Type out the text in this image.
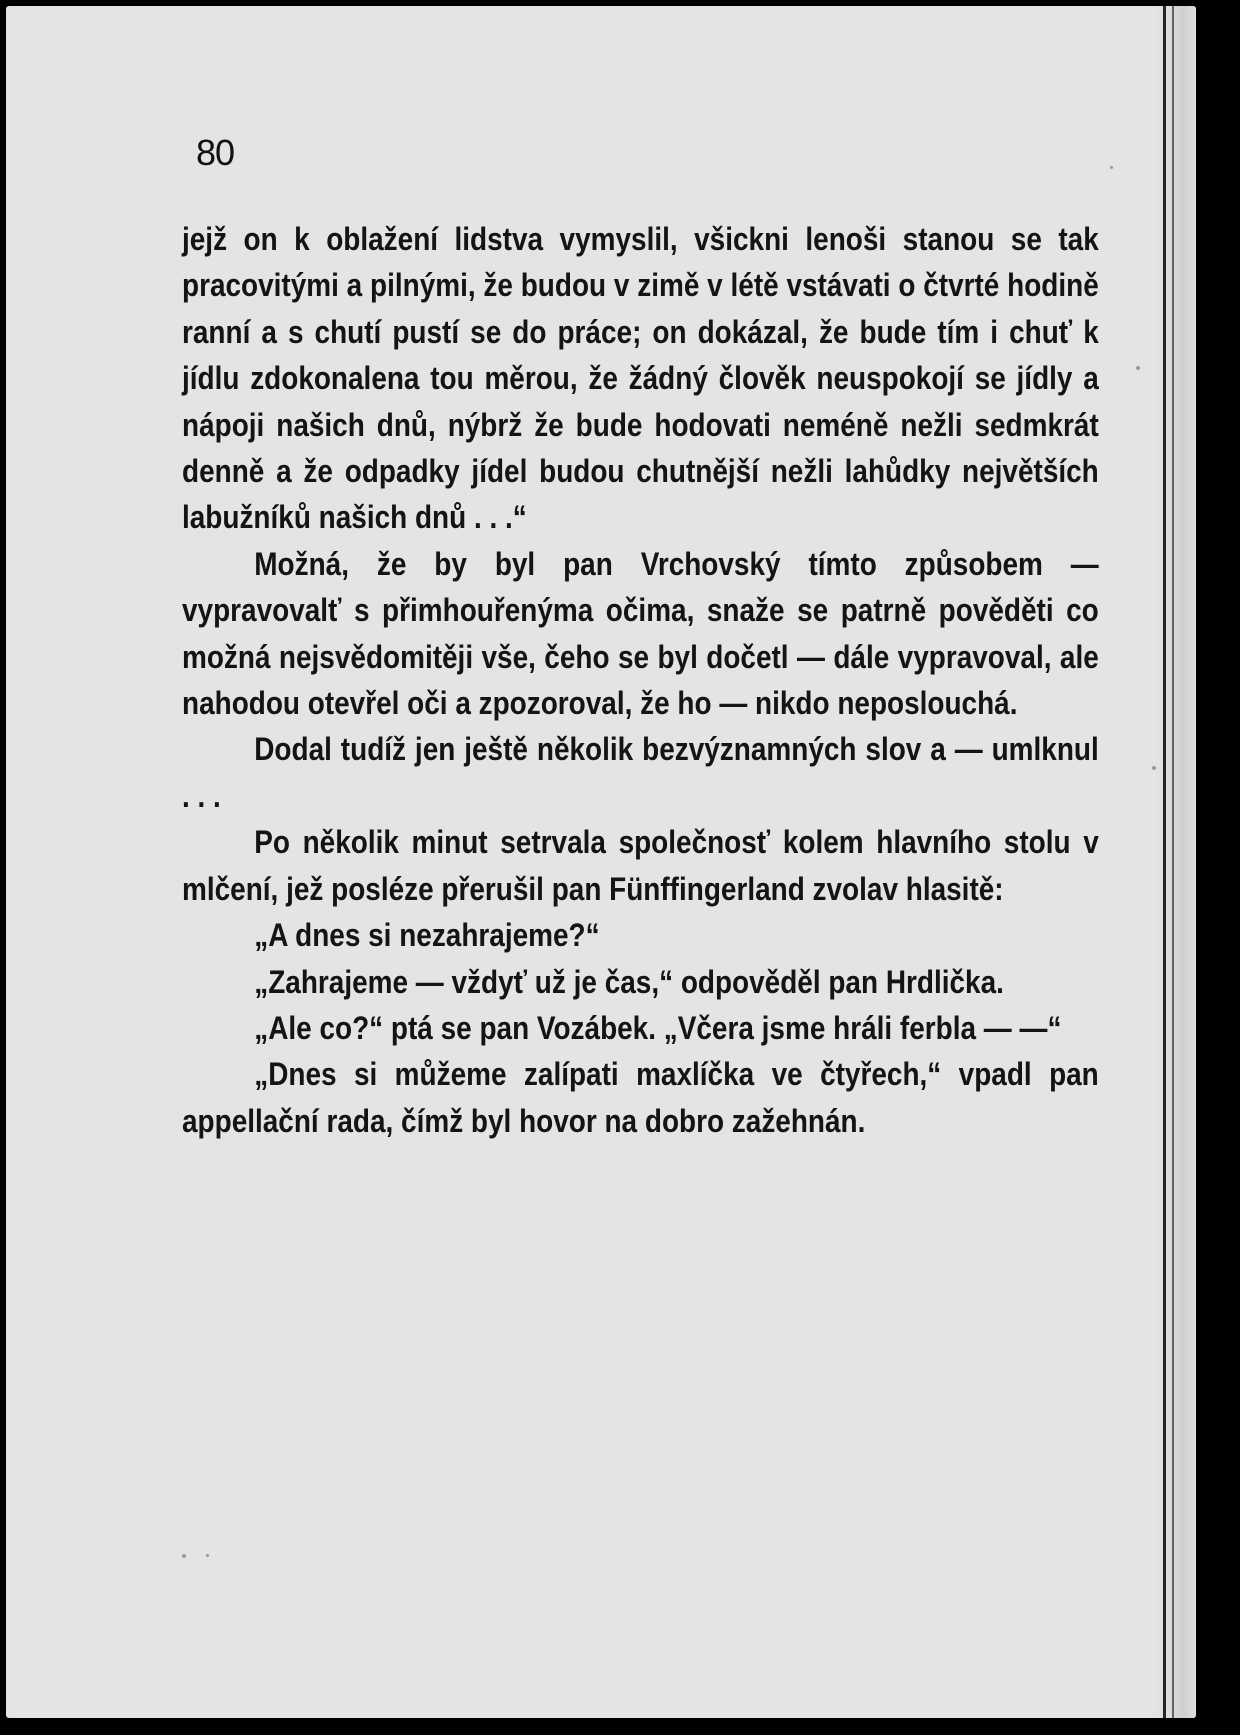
80

jejž on k oblažení lidstva vymyslil, všickni lenoši stanou se tak pracovitými a pilnými, že budou v zimě v létě vstávati o čtvrté hodině ranní a s chutí pustí se do práce; on dokázal, že bude tím i chuť k jídlu zdokonalena tou měrou, že žádný člověk neuspokojí se jídly a nápoji našich dnů, nýbrž že bude hodovati neméně nežli sedmkrát denně a že odpadky jídel budou chutnější nežli lahůdky největších labužníků našich dnů . . .“

Možná, že by byl pan Vrchovský tímto způsobem — vypravovalť s přimhouřenýma očima, snaže se patrně pověděti co možná nejsvědomitěji vše, čeho se byl dočetl — dále vypravoval, ale nahodou otevřel oči a zpozoroval, že ho — nikdo neposlouchá.

Dodal tudíž jen ještě několik bezvýznamných slov a — umlknul . . .

Po několik minut setrvala společnosť kolem hlavního stolu v mlčení, jež posléze přerušil pan Fünffingerland zvolav hlasitě:

„A dnes si nezahrajeme?“

„Zahrajeme — vždyť už je čas,“ odpověděl pan Hrdlička.

„Ale co?“ ptá se pan Vozábek. „Včera jsme hráli ferbla — —“

„Dnes si můžeme zalípati maxlíčka ve čtyřech,“ vpadl pan appellační rada, čímž byl hovor na dobro zažehnán.
